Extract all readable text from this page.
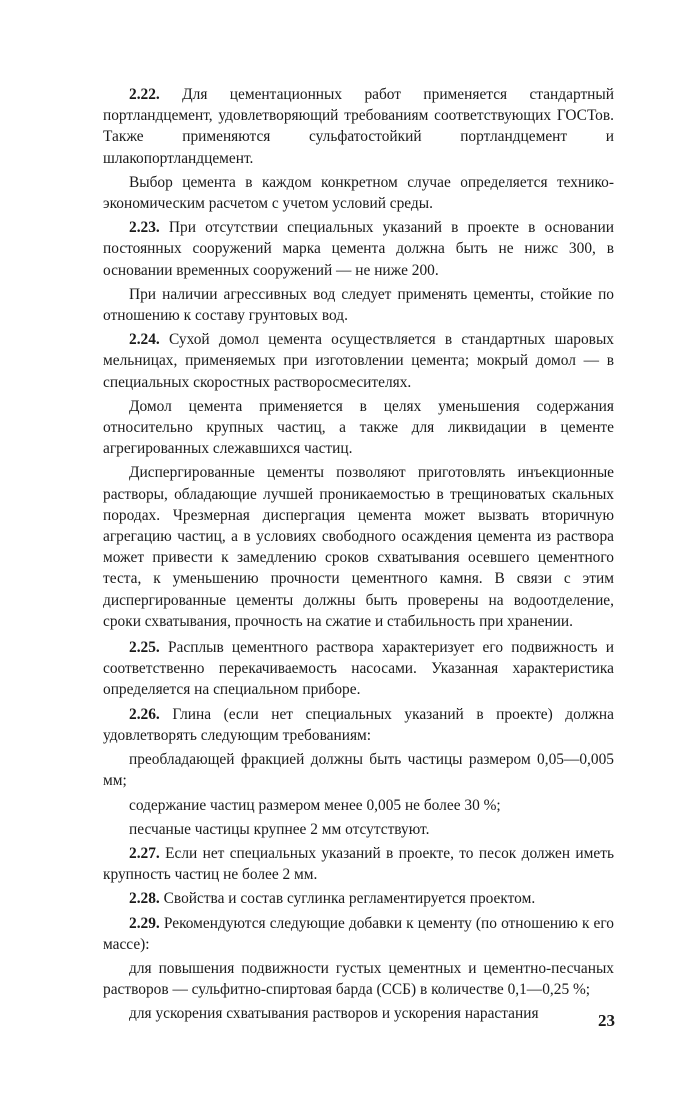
2.22. Для цементационных работ применяется стандартный портландцемент, удовлетворяющий требованиям соответствующих ГОСТов. Также применяются сульфатостойкий портландцемент и шлакопортландцемент.

Выбор цемента в каждом конкретном случае определяется технико-экономическим расчетом с учетом условий среды.

2.23. При отсутствии специальных указаний в проекте в основании постоянных сооружений марка цемента должна быть не нижс 300, в основании временных сооружений — не ниже 200.

При наличии агрессивных вод следует применять цементы, стойкие по отношению к составу грунтовых вод.

2.24. Сухой домол цемента осуществляется в стандартных шаровых мельницах, применяемых при изготовлении цемента; мокрый домол — в специальных скоростных растворосмесителях.

Домол цемента применяется в целях уменьшения содержания относительно крупных частиц, а также для ликвидации в цементе агрегированных слежавшихся частиц.

Диспергированные цементы позволяют приготовлять инъекционные растворы, обладающие лучшей проникаемостью в трещиноватых скальных породах. Чрезмерная диспергация цемента может вызвать вторичную агрегацию частиц, а в условиях свободного осаждения цемента из раствора может привести к замедлению сроков схватывания осевшего цементного теста, к уменьшению прочности цементного камня. В связи с этим диспергированные цементы должны быть проверены на водоотделение, сроки схватывания, прочность на сжатие и стабильность при хранении.

2.25. Расплыв цементного раствора характеризует его подвижность и соответственно перекачиваемость насосами. Указанная характеристика определяется на специальном приборе.

2.26. Глина (если нет специальных указаний в проекте) должна удовлетворять следующим требованиям:

преобладающей фракцией должны быть частицы размером 0,05—0,005 мм;

содержание частиц размером менее 0,005 не более 30 %;

песчаные частицы крупнее 2 мм отсутствуют.

2.27. Если нет специальных указаний в проекте, то песок должен иметь крупность частиц не более 2 мм.

2.28. Свойства и состав суглинка регламентируется проектом.

2.29. Рекомендуются следующие добавки к цементу (по отношению к его массе):

для повышения подвижности густых цементных и цементно-песчаных растворов — сульфитно-спиртовая барда (ССБ) в количестве 0,1—0,25 %;

для ускорения схватывания растворов и ускорения нарастания	23
